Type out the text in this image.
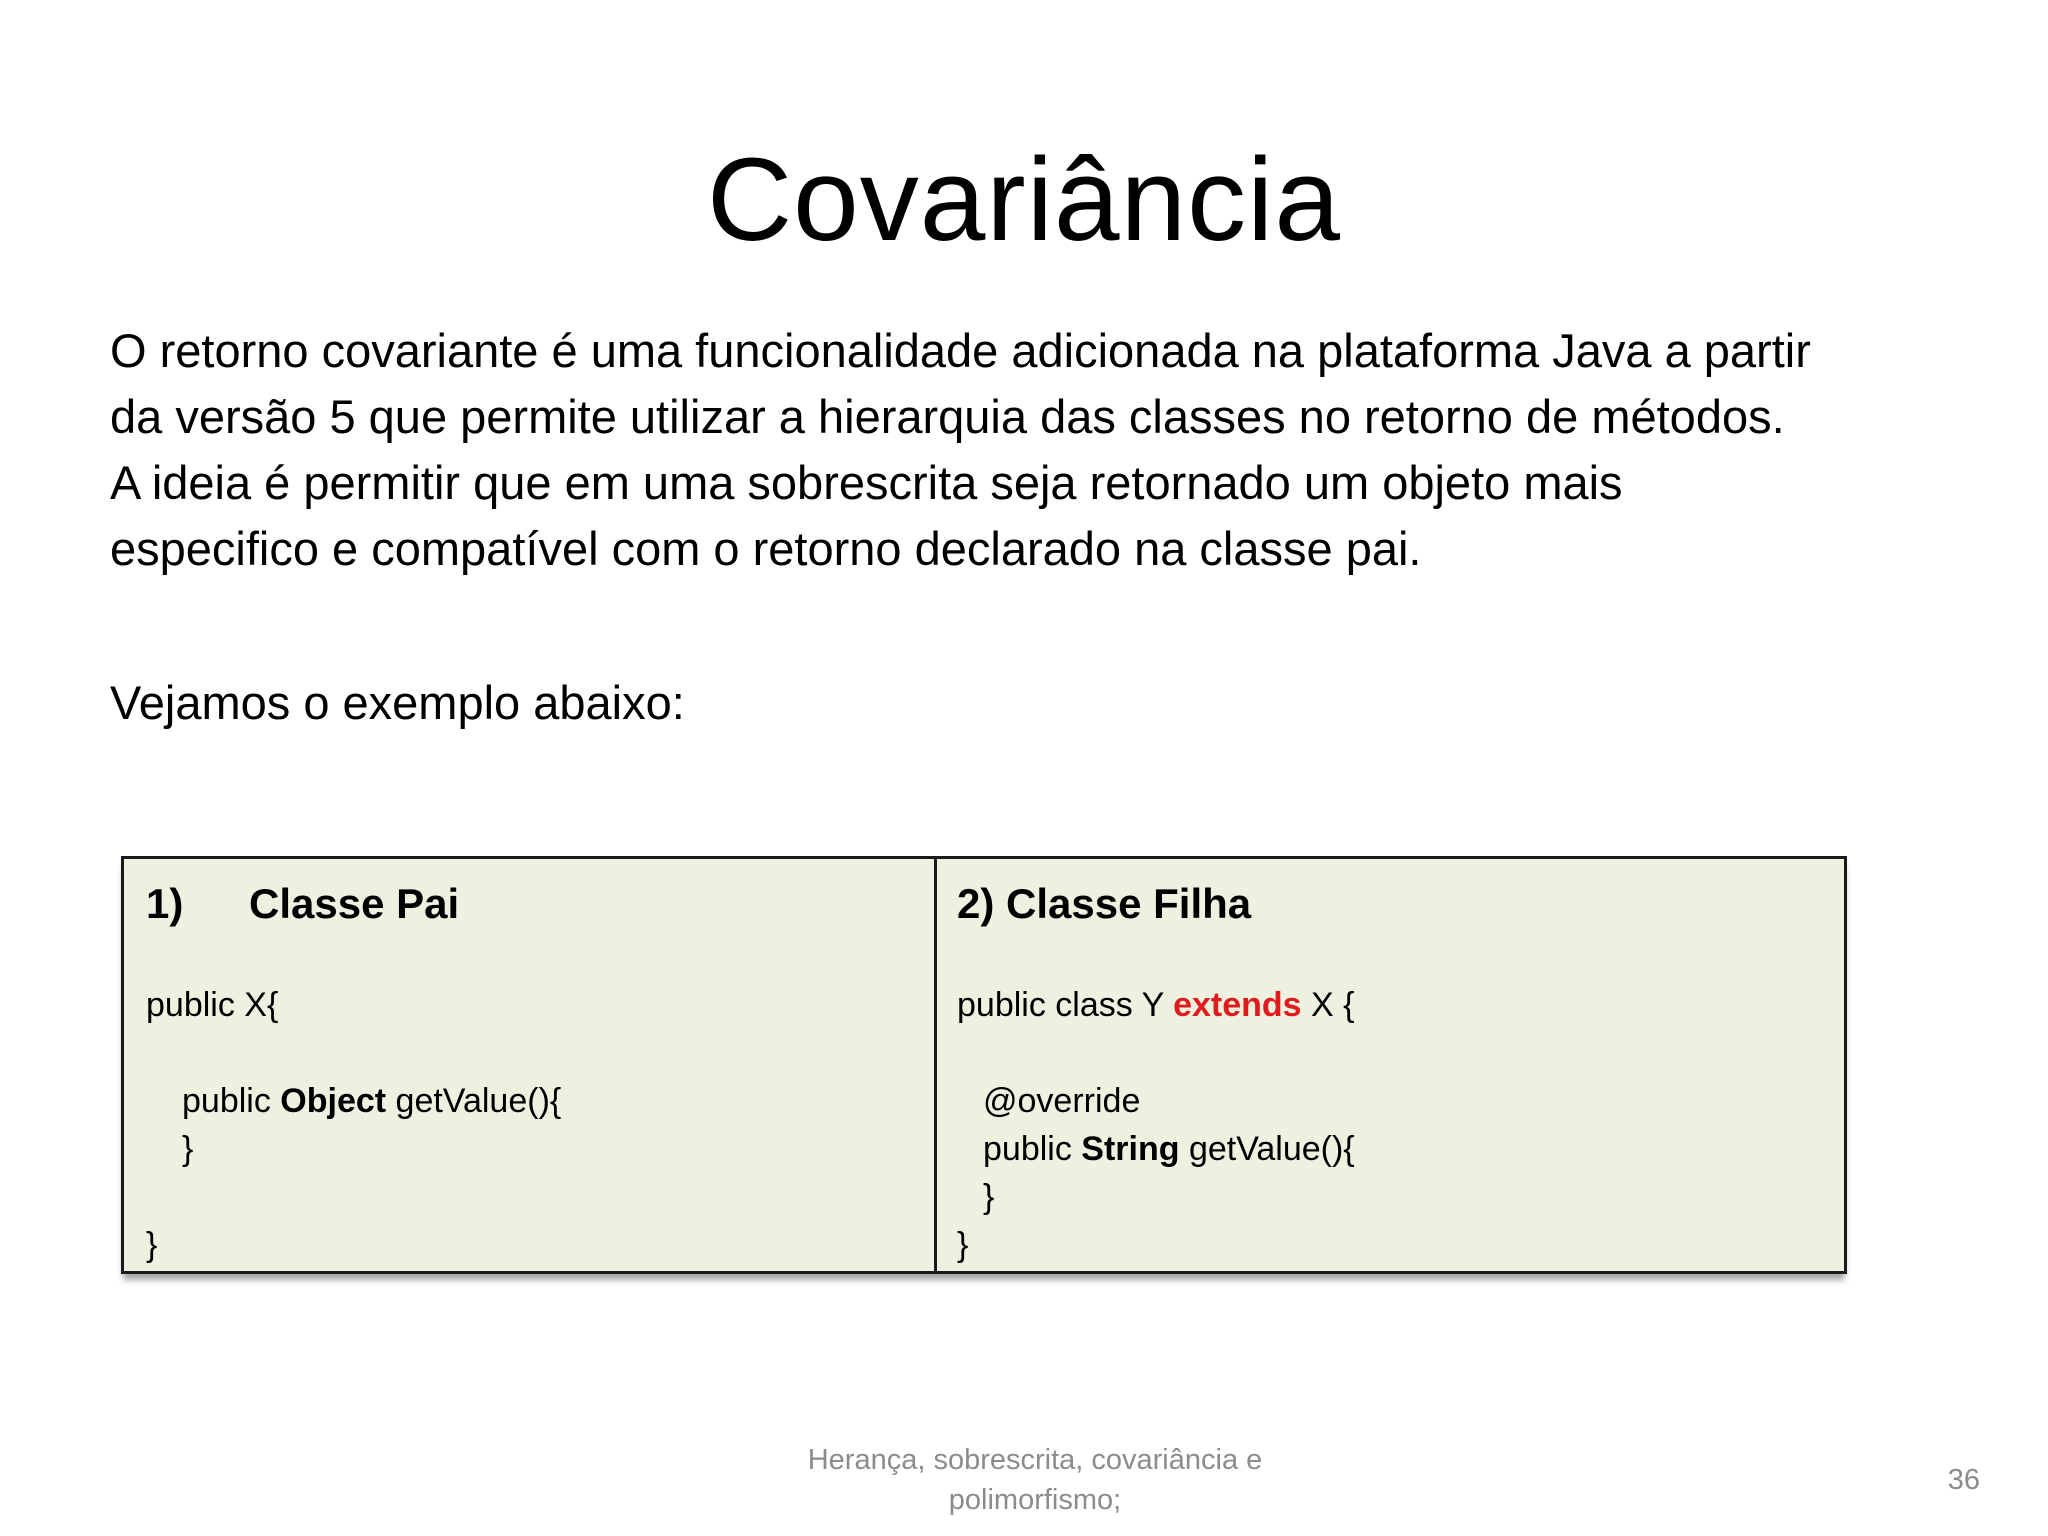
Covariância

O retorno covariante é uma funcionalidade adicionada na plataforma Java a partir

da versão 5 que permite utilizar a hierarquia das classes no retorno de métodos.

A ideia é permitir que em uma sobrescrita seja retornado um objeto mais

especifico e compatível com o retorno declarado na classe pai.

Vejamos o exemplo abaixo:
1) Classe Pai
public X{
public Object getValue(){
}
}
2) Classe Filha
public class Y extends X {
@override
public String getValue(){
}
}
Herança, sobrescrita, covariância e
polimorfismo;
36
